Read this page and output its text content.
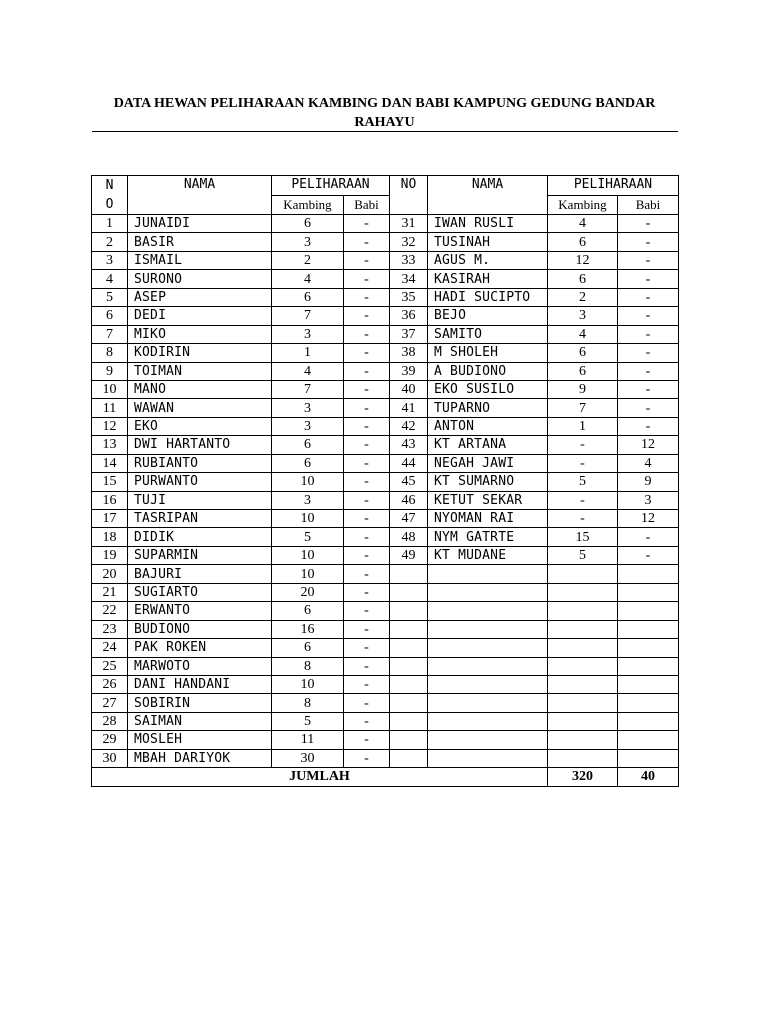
DATA HEWAN PELIHARAAN KAMBING DAN BABI KAMPUNG GEDUNG BANDAR RAHAYU
N O	NAMA	PELIHARAAN		NO	NAMA	PELIHARAAN	
		Kambing	Babi			Kambing	Babi
1	JUNAIDI	6	-	31	IWAN RUSLI	4	-
2	BASIR	3	-	32	TUSINAH	6	-
3	ISMAIL	2	-	33	AGUS M.	12	-
4	SURONO	4	-	34	KASIRAH	6	-
5	ASEP	6	-	35	HADI SUCIPTO	2	-
6	DEDI	7	-	36	BEJO	3	-
7	MIKO	3	-	37	SAMITO	4	-
8	KODIRIN	1	-	38	M SHOLEH	6	-
9	TOIMAN	4	-	39	A BUDIONO	6	-
10	MANO	7	-	40	EKO SUSILO	9	-
11	WAWAN	3	-	41	TUPARNO	7	-
12	EKO	3	-	42	ANTON	1	-
13	DWI HARTANTO	6	-	43	KT ARTANA	-	12
14	RUBIANTO	6	-	44	NEGAH JAWI	-	4
15	PURWANTO	10	-	45	KT SUMARNO	5	9
16	TUJI	3	-	46	KETUT SEKAR	-	3
17	TASRIPAN	10	-	47	NYOMAN RAI	-	12
18	DIDIK	5	-	48	NYM GATRTE	15	-
19	SUPARMIN	10	-	49	KT MUDANE	5	-
20	BAJURI	10	-				
21	SUGIARTO	20	-				
22	ERWANTO	6	-				
23	BUDIONO	16	-				
24	PAK ROKEN	6	-				
25	MARWOTO	8	-				
26	DANI HANDANI	10	-				
27	SOBIRIN	8	-				
28	SAIMAN	5	-				
29	MOSLEH	11	-				
30	MBAH DARIYOK	30	-				
JUMLAH						320	40
